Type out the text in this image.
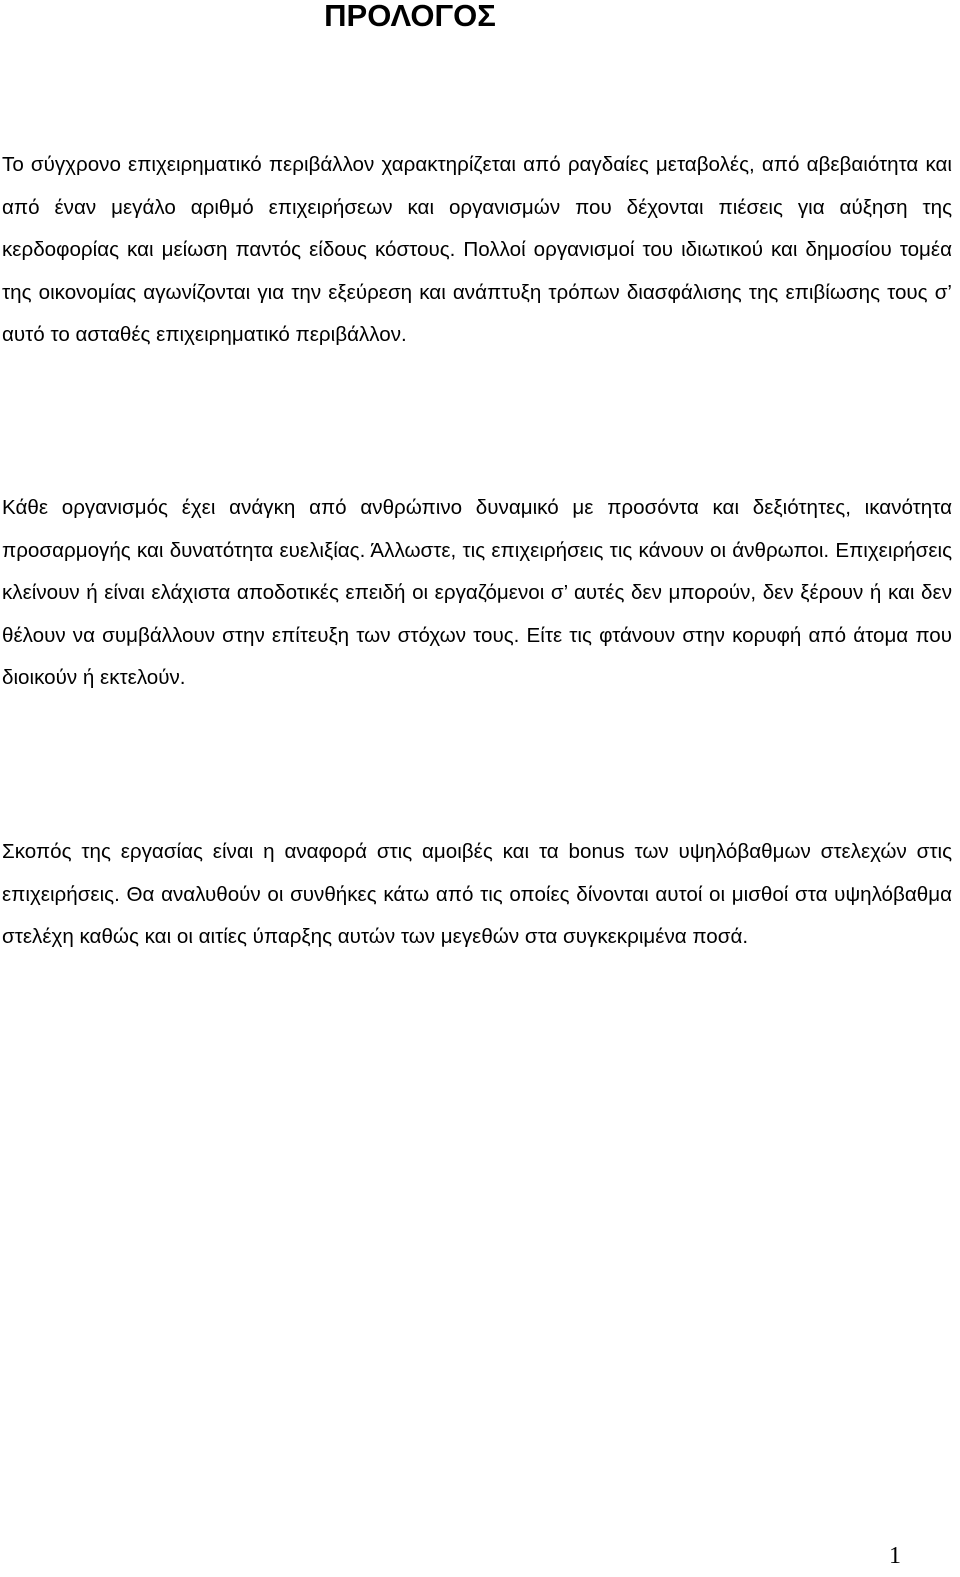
ΠΡΟΛΟΓΟΣ

Το σύγχρονο επιχειρηματικό περιβάλλον χαρακτηρίζεται από ραγδαίες μεταβολές, από αβεβαιότητα και από έναν μεγάλο αριθμό επιχειρήσεων και οργανισμών που δέχονται πιέσεις για αύξηση της κερδοφορίας και μείωση παντός είδους κόστους. Πολλοί οργανισμοί του ιδιωτικού και δημοσίου τομέα της οικονομίας αγωνίζονται για την εξεύρεση και ανάπτυξη τρόπων διασφάλισης της επιβίωσης τους σ’ αυτό το ασταθές επιχειρηματικό περιβάλλον.

Κάθε οργανισμός έχει ανάγκη από ανθρώπινο δυναμικό με προσόντα και δεξιότητες, ικανότητα προσαρμογής και δυνατότητα ευελιξίας. Άλλωστε, τις επιχειρήσεις τις κάνουν οι άνθρωποι. Επιχειρήσεις κλείνουν ή είναι ελάχιστα αποδοτικές επειδή οι εργαζόμενοι σ’ αυτές δεν μπορούν, δεν ξέρουν ή και δεν θέλουν να συμβάλλουν στην επίτευξη των στόχων τους. Είτε τις φτάνουν στην κορυφή από άτομα που διοικούν ή εκτελούν.

Σκοπός της εργασίας είναι η αναφορά στις αμοιβές και τα bonus των υψηλόβαθμων στελεχών στις επιχειρήσεις. Θα αναλυθούν οι συνθήκες κάτω από τις οποίες δίνονται αυτοί οι μισθοί στα υψηλόβαθμα στελέχη καθώς και οι αιτίες ύπαρξης αυτών των μεγεθών στα συγκεκριμένα ποσά.

1
